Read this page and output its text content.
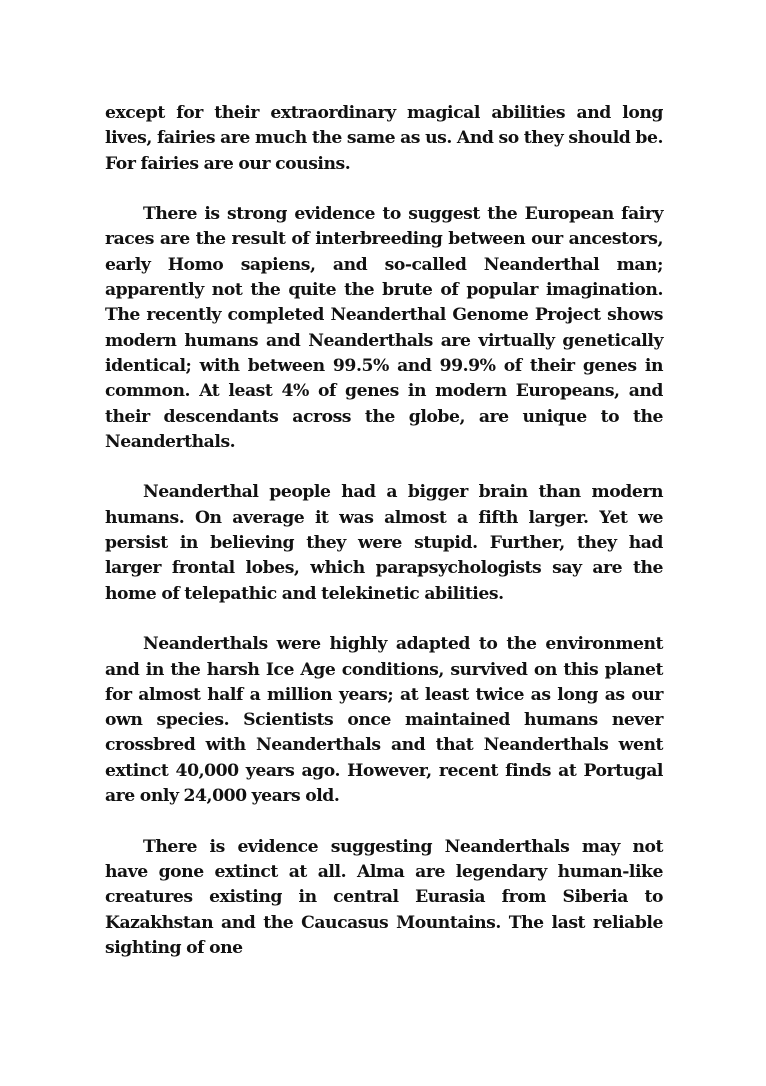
except for their extraordinary magical abilities and long lives, fairies are much the same as us. And so they should be. For fairies are our cousins.

There is strong evidence to suggest the European fairy races are the result of interbreeding between our ancestors, early Homo sapiens, and so-called Neanderthal man; apparently not the quite the brute of popular imagination. The recently completed Neanderthal Genome Project shows modern humans and Neanderthals are virtually genetically identical; with between 99.5% and 99.9% of their genes in common. At least 4% of genes in modern Europeans, and their descendants across the globe, are unique to the Neanderthals.

Neanderthal people had a bigger brain than modern humans. On average it was almost a fifth larger. Yet we persist in believing they were stupid. Further, they had larger frontal lobes, which parapsychologists say are the home of telepathic and telekinetic abilities.

Neanderthals were highly adapted to the environment and in the harsh Ice Age conditions, survived on this planet for almost half a million years; at least twice as long as our own species. Scientists once maintained humans never crossbred with Neanderthals and that Neanderthals went extinct 40,000 years ago. However, recent finds at Portugal are only 24,000 years old.

There is evidence suggesting Neanderthals may not have gone extinct at all. Alma are legendary human-like creatures existing in central Eurasia from Siberia to Kazakhstan and the Caucasus Mountains. The last reliable sighting of one
